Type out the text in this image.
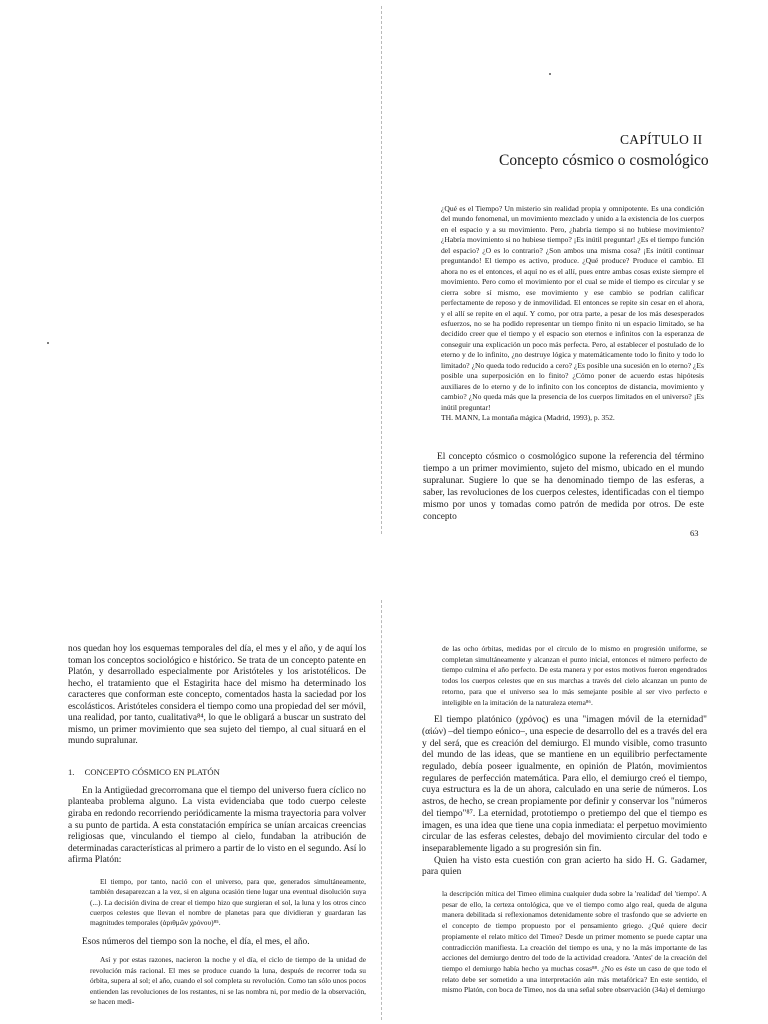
CAPÍTULO II
Concepto cósmico o cosmológico

¿Qué es el Tiempo? Un misterio sin realidad propia y omnipotente. Es una condición del mundo fenomenal, un movimiento mezclado y unido a la existencia de los cuerpos en el espacio y a su movimiento. Pero, ¿habría tiempo si no hubiese movimiento? ¿Habría movimiento si no hubiese tiempo? ¡Es inútil preguntar! ¿Es el tiempo función del espacio? ¿O es lo contrario? ¿Son ambos una misma cosa? ¡Es inútil continuar preguntando! El tiempo es activo, produce. ¿Qué produce? Produce el cambio. El ahora no es el entonces, el aquí no es el allí, pues entre ambas cosas existe siempre el movimiento. Pero como el movimiento por el cual se mide el tiempo es circular y se cierra sobre sí mismo, ese movimiento y ese cambio se podrían calificar perfectamente de reposo y de inmovilidad. El entonces se repite sin cesar en el ahora, y el allí se repite en el aquí. Y como, por otra parte, a pesar de los más desesperados esfuerzos, no se ha podido representar un tiempo finito ni un espacio limitado, se ha decidido creer que el tiempo y el espacio son eternos e infinitos con la esperanza de conseguir una explicación un poco más perfecta. Pero, al establecer el postulado de lo eterno y de lo infinito, ¿no destruye lógica y matemáticamente todo lo finito y todo lo limitado? ¿No queda todo reducido a cero? ¿Es posible una sucesión en lo eterno? ¿Es posible una superposición en lo finito? ¿Cómo poner de acuerdo estas hipótesis auxiliares de lo eterno y de lo infinito con los conceptos de distancia, movimiento y cambio? ¿No queda más que la presencia de los cuerpos limitados en el universo? ¡Es inútil preguntar!

TH. MANN, La montaña mágica (Madrid, 1993), p. 352.

El concepto cósmico o cosmológico supone la referencia del término tiempo a un primer movimiento, sujeto del mismo, ubicado en el mundo supralunar. Sugiere lo que se ha denominado tiempo de las esferas, a saber, las revoluciones de los cuerpos celestes, identificadas con el tiempo mismo por unos y tomadas como patrón de medida por otros. De este concepto

63

nos quedan hoy los esquemas temporales del día, el mes y el año, y de aquí los toman los conceptos sociológico e histórico. Se trata de un concepto patente en Platón, y desarrollado especialmente por Aristóteles y los aristotélicos. De hecho, el tratamiento que el Estagirita hace del mismo ha determinado los caracteres que conforman este concepto, comentados hasta la saciedad por los escolásticos. Aristóteles considera el tiempo como una propiedad del ser móvil, una realidad, por tanto, cualitativa⁸⁴, lo que le obligará a buscar un sustrato del mismo, un primer movimiento que sea sujeto del tiempo, al cual situará en el mundo supralunar.

1. CONCEPTO CÓSMICO EN PLATÓN

En la Antigüedad grecorromana que el tiempo del universo fuera cíclico no planteaba problema alguno. La vista evidenciaba que todo cuerpo celeste giraba en redondo recorriendo periódicamente la misma trayectoria para volver a su punto de partida. A esta constatación empírica se unían arcaicas creencias religiosas que, vinculando el tiempo al cielo, fundaban la atribución de determinadas características al primero a partir de lo visto en el segundo. Así lo afirma Platón:

El tiempo, por tanto, nació con el universo, para que, generados simultáneamente, también desaparezcan a la vez, si en alguna ocasión tiene lugar una eventual disolución suya (...). La decisión divina de crear el tiempo hizo que surgieran el sol, la luna y los otros cinco cuerpos celestes que llevan el nombre de planetas para que dividieran y guardaran las magnitudes temporales (ἀριθμῶν χρόνου)⁸⁵.

Esos números del tiempo son la noche, el día, el mes, el año.

Así y por estas razones, nacieron la noche y el día, el ciclo de tiempo de la unidad de revolución más racional. El mes se produce cuando la luna, después de recorrer toda su órbita, supera al sol; el año, cuando el sol completa su revolución. Como tan sólo unos pocos entienden las revoluciones de los restantes, ni se las nombra ni, por medio de la observación, se hacen medi-

de las ocho órbitas, medidas por el círculo de lo mismo en progresión uniforme, se completan simultáneamente y alcanzan el punto inicial, entonces el número perfecto de tiempo culmina el año perfecto. De esta manera y por estos motivos fueron engendrados todos los cuerpos celestes que en sus marchas a través del cielo alcanzan un punto de retorno, para que el universo sea lo más semejante posible al ser vivo perfecto e inteligible en la imitación de la naturaleza eterna⁸⁶.

El tiempo platónico (χρόνος) es una "imagen móvil de la eternidad" (αἰών) –del tiempo eónico–, una especie de desarrollo del es a través del era y del será, que es creación del demiurgo. El mundo visible, como trasunto del mundo de las ideas, que se mantiene en un equilibrio perfectamente regulado, debía poseer igualmente, en opinión de Platón, movimientos regulares de perfección matemática. Para ello, el demiurgo creó el tiempo, cuya estructura es la de un ahora, calculado en una serie de números. Los astros, de hecho, se crean propiamente por definir y conservar los "números del tiempo"⁸⁷. La eternidad, prototiempo o pretiempo del que el tiempo es imagen, es una idea que tiene una copia inmediata: el perpetuo movimiento circular de las esferas celestes, debajo del movimiento circular del todo e inseparablemente ligado a su progresión sin fin.

Quien ha visto esta cuestión con gran acierto ha sido H. G. Gadamer, para quien

la descripción mítica del Timeo elimina cualquier duda sobre la 'realidad' del 'tiempo'. A pesar de ello, la certeza ontológica, que ve el tiempo como algo real, queda de alguna manera debilitada si reflexionamos detenidamente sobre el trasfondo que se advierte en el concepto de tiempo propuesto por el pensamiento griego. ¿Qué quiere decir propiamente el relato mítico del Timeo? Desde un primer momento se puede captar una contradicción manifiesta. La creación del tiempo es una, y no la más importante de las acciones del demiurgo dentro del todo de la actividad creadora. 'Antes' de la creación del tiempo el demiurgo había hecho ya muchas cosas⁸⁸. ¿No es éste un caso de que todo el relato debe ser sometido a una interpretación aún más metafórica? En este sentido, el mismo Platón, con boca de Timeo, nos da una señal sobre observación (34a) el demiurgo
